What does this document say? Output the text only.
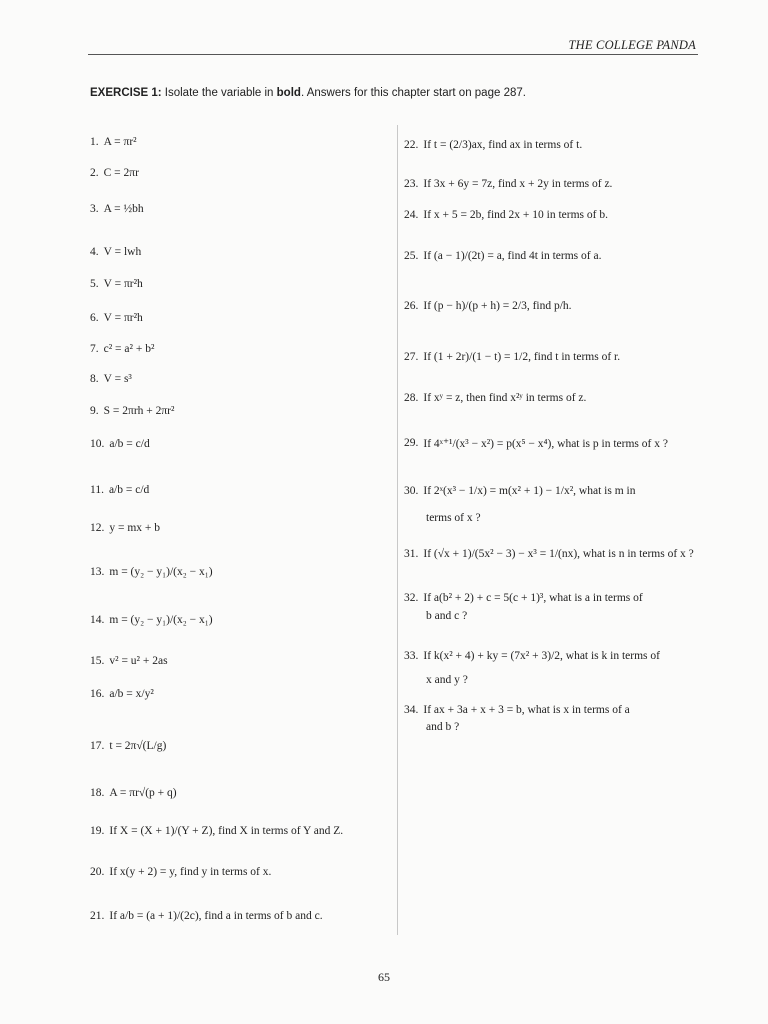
THE COLLEGE PANDA
EXERCISE 1: Isolate the variable in bold. Answers for this chapter start on page 287.
1. A = πr²
2. C = 2πr
3. A = ½bh
4. V = lwh
5. V = πr²h
6. V = πr²h
7. c² = a² + b²
8. V = s³
9. S = 2πrh + 2πr²
10. a/b = c/d
11. a/b = c/d
12. y = mx + b
13. m = (y₂ − y₁)/(x₂ − x₁)
14. m = (y₂ − y₁)/(x₂ − x₁)
15. v² = u² + 2as
16. a/b = x/y²
17. t = 2π√(L/g)
18. A = πr√(p + q)
19. If X = (X + 1)/(Y + Z), find X in terms of Y and Z.
20. If x(y + 2) = y, find y in terms of x.
21. If a/b = (a + 1)/(2c), find a in terms of b and c.
22. If t = (2/3)ax, find ax in terms of t.
23. If 3x + 6y = 7z, find x + 2y in terms of z.
24. If x + 5 = 2b, find 2x + 10 in terms of b.
25. If (a − 1)/(2t) = a, find 4t in terms of a.
26. If (p − h)/(p + h) = 2/3, find p/h.
27. If (1 + 2r)/(1 − t) = 1/2, find t in terms of r.
28. If xʸ = z, then find x²ʸ in terms of z.
29. If 4ˣ⁺¹/(x³ − x²) = p(x⁵ − x⁴), what is p in terms of x ?
30. If 2ˣ(x³ − 1/x) = m(x² + 1) − 1/x², what is m in
terms of x ?
31. If (√x + 1)/(5x² − 3) − x³ = 1/(nx), what is n in terms of x ?
32. If a(b² + 2) + c = 5(c + 1)³, what is a in terms of
b and c ?
33. If k(x² + 4) + ky = (7x² + 3)/2, what is k in terms of
x and y ?
34. If ax + 3a + x + 3 = b, what is x in terms of a
and b ?
65
